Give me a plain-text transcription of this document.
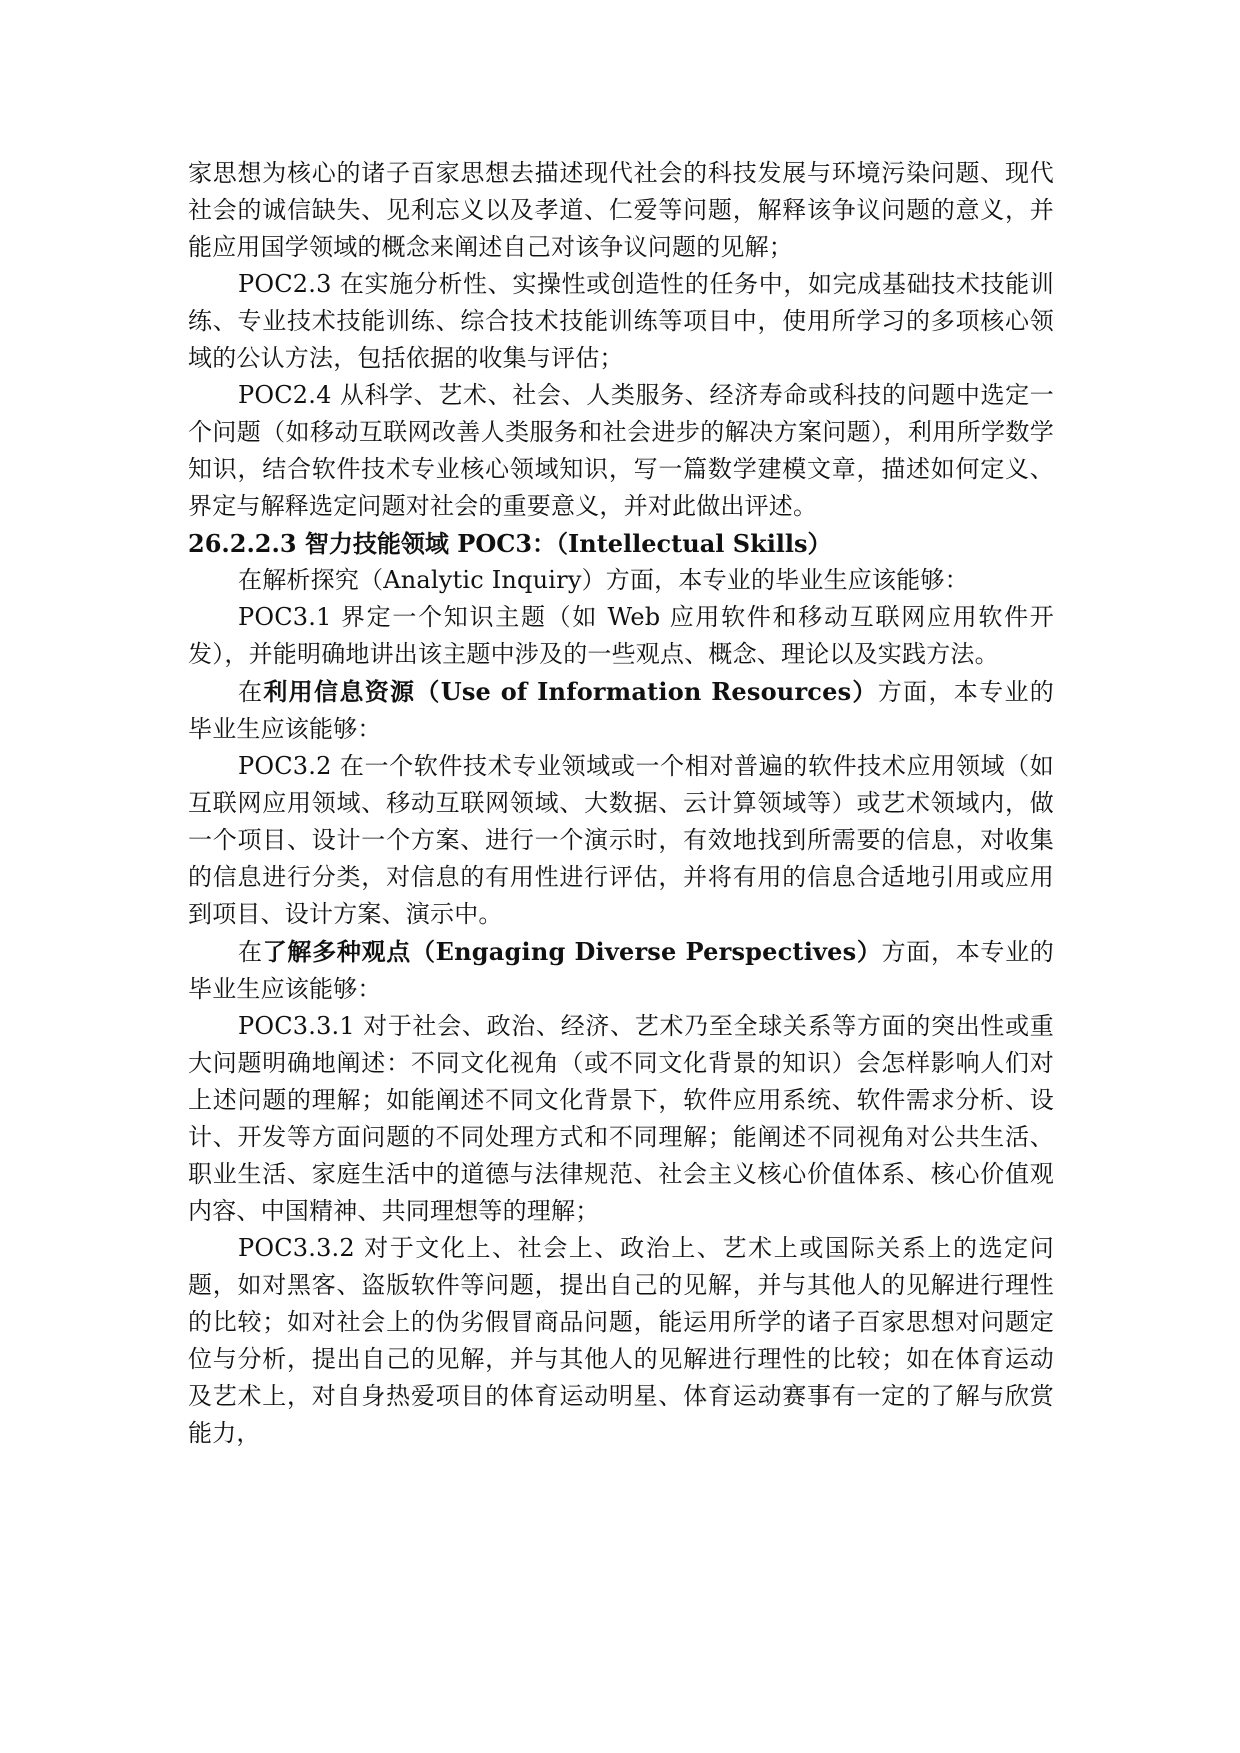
家思想为核心的诸子百家思想去描述现代社会的科技发展与环境污染问题、现代社会的诚信缺失、见利忘义以及孝道、仁爱等问题，解释该争议问题的意义，并能应用国学领域的概念来阐述自己对该争议问题的见解；

POC2.3 在实施分析性、实操性或创造性的任务中，如完成基础技术技能训练、专业技术技能训练、综合技术技能训练等项目中，使用所学习的多项核心领域的公认方法，包括依据的收集与评估；

POC2.4 从科学、艺术、社会、人类服务、经济寿命或科技的问题中选定一个问题（如移动互联网改善人类服务和社会进步的解决方案问题），利用所学数学知识，结合软件技术专业核心领域知识，写一篇数学建模文章，描述如何定义、界定与解释选定问题对社会的重要意义，并对此做出评述。

26.2.2.3 智力技能领域 POC3：（Intellectual Skills）

在解析探究（Analytic Inquiry）方面，本专业的毕业生应该能够：

POC3.1 界定一个知识主题（如 Web 应用软件和移动互联网应用软件开发），并能明确地讲出该主题中涉及的一些观点、概念、理论以及实践方法。

在利用信息资源（Use of Information Resources）方面，本专业的毕业生应该能够：

POC3.2 在一个软件技术专业领域或一个相对普遍的软件技术应用领域（如互联网应用领域、移动互联网领域、大数据、云计算领域等）或艺术领域内，做一个项目、设计一个方案、进行一个演示时，有效地找到所需要的信息，对收集的信息进行分类，对信息的有用性进行评估，并将有用的信息合适地引用或应用到项目、设计方案、演示中。

在了解多种观点（Engaging Diverse Perspectives）方面，本专业的毕业生应该能够：

POC3.3.1 对于社会、政治、经济、艺术乃至全球关系等方面的突出性或重大问题明确地阐述：不同文化视角（或不同文化背景的知识）会怎样影响人们对上述问题的理解；如能阐述不同文化背景下，软件应用系统、软件需求分析、设计、开发等方面问题的不同处理方式和不同理解；能阐述不同视角对公共生活、职业生活、家庭生活中的道德与法律规范、社会主义核心价值体系、核心价值观内容、中国精神、共同理想等的理解；

POC3.3.2 对于文化上、社会上、政治上、艺术上或国际关系上的选定问题，如对黑客、盗版软件等问题，提出自己的见解，并与其他人的见解进行理性的比较；如对社会上的伪劣假冒商品问题，能运用所学的诸子百家思想对问题定位与分析，提出自己的见解，并与其他人的见解进行理性的比较；如在体育运动及艺术上，对自身热爱项目的体育运动明星、体育运动赛事有一定的了解与欣赏能力，
